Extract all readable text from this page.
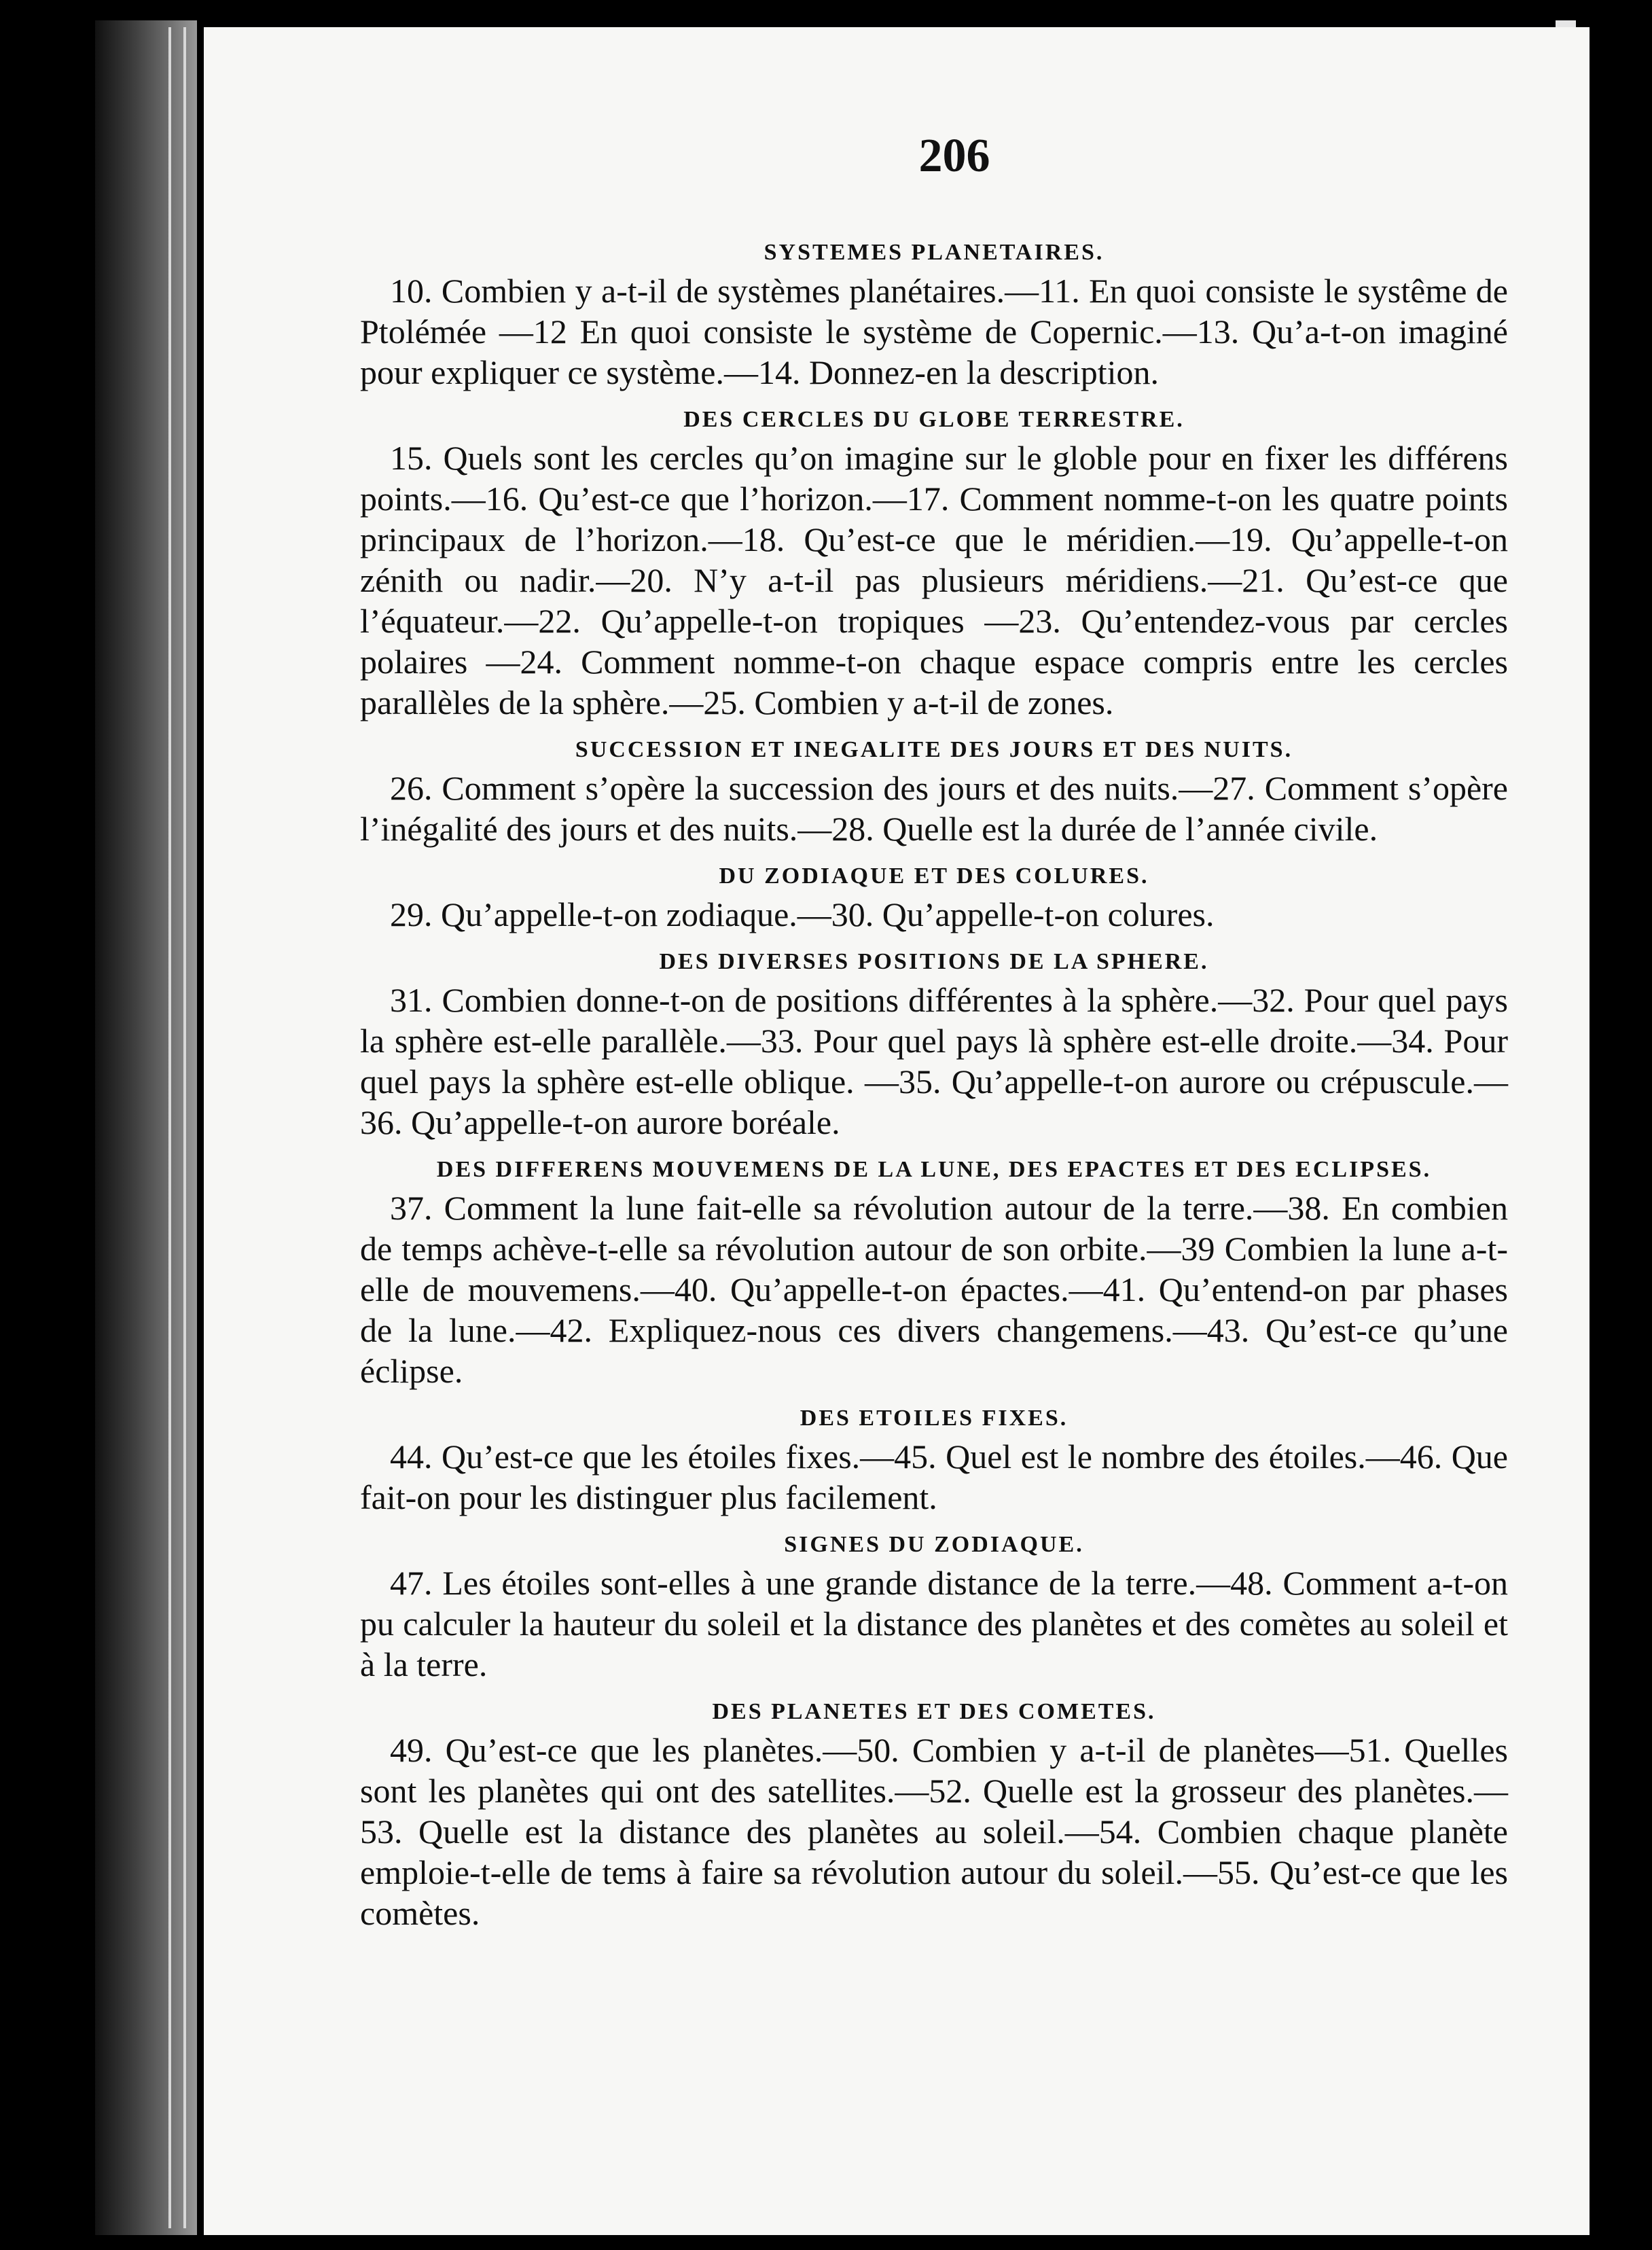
206

SYSTEMES PLANETAIRES.

10. Combien y a-t-il de systèmes planétaires.—11. En quoi consiste le systême de Ptolémée —12 En quoi consiste le système de Copernic.—13. Qu’a-t-on imaginé pour expliquer ce système.—14. Donnez-en la description.

DES CERCLES DU GLOBE TERRESTRE.

15. Quels sont les cercles qu’on imagine sur le globle pour en fixer les différens points.—16. Qu’est-ce que l’horizon.—17. Comment nomme-t-on les quatre points principaux de l’horizon.—18. Qu’est-ce que le méridien.—19. Qu’appelle-t-on zénith ou nadir.—20. N’y a-t-il pas plusieurs méridiens.—21. Qu’est-ce que l’équateur.—22. Qu’appelle-t-on tropiques —23. Qu’entendez-vous par cercles polaires —24. Comment nomme-t-on chaque espace compris entre les cercles parallèles de la sphère.—25. Combien y a-t-il de zones.

SUCCESSION ET INEGALITE DES JOURS ET DES NUITS.

26. Comment s’opère la succession des jours et des nuits.—27. Comment s’opère l’inégalité des jours et des nuits.—28. Quelle est la durée de l’année civile.

DU ZODIAQUE ET DES COLURES.

29. Qu’appelle-t-on zodiaque.—30. Qu’appelle-t-on colures.

DES DIVERSES POSITIONS DE LA SPHERE.

31. Combien donne-t-on de positions différentes à la sphère.—32. Pour quel pays la sphère est-elle parallèle.—33. Pour quel pays là sphère est-elle droite.—34. Pour quel pays la sphère est-elle oblique. —35. Qu’appelle-t-on aurore ou crépuscule.—36. Qu’appelle-t-on aurore boréale.

DES DIFFERENS MOUVEMENS DE LA LUNE, DES EPACTES ET DES ECLIPSES.

37. Comment la lune fait-elle sa révolution autour de la terre.—38. En combien de temps achève-t-elle sa révolution autour de son orbite.—39 Combien la lune a-t-elle de mouvemens.—40. Qu’appelle-t-on épactes.—41. Qu’entend-on par phases de la lune.—42. Expliquez-nous ces divers changemens.—43. Qu’est-ce qu’une éclipse.

DES ETOILES FIXES.

44. Qu’est-ce que les étoiles fixes.—45. Quel est le nombre des étoiles.—46. Que fait-on pour les distinguer plus facilement.

SIGNES DU ZODIAQUE.

47. Les étoiles sont-elles à une grande distance de la terre.—48. Comment a-t-on pu calculer la hauteur du soleil et la distance des planètes et des comètes au soleil et à la terre.

DES PLANETES ET DES COMETES.

49. Qu’est-ce que les planètes.—50. Combien y a-t-il de planètes—51. Quelles sont les planètes qui ont des satellites.—52. Quelle est la grosseur des planètes.—53. Quelle est la distance des planètes au soleil.—54. Combien chaque planète emploie-t-elle de tems à faire sa révolution autour du soleil.—55. Qu’est-ce que les comètes.
